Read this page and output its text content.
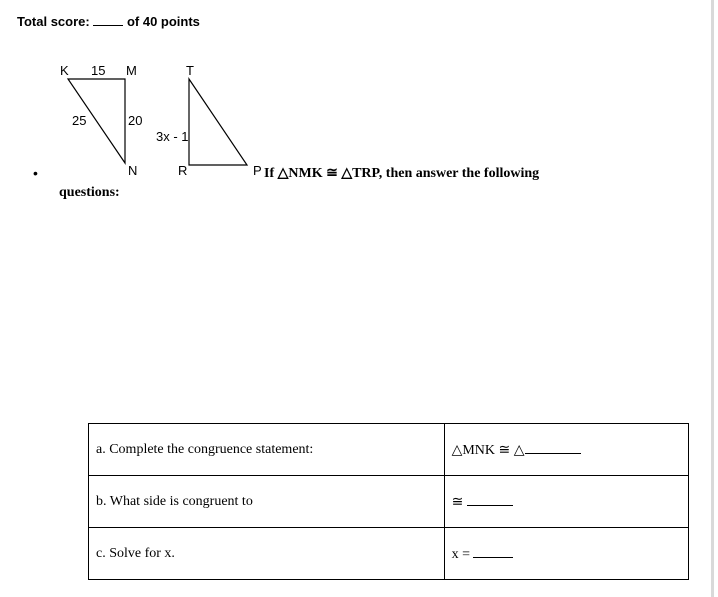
Total score:	of 40 points
K 15 M
25	20
N
T
3x - 1
R	P
•	If △NMK ≅ △TRP, then answer the following
questions:
a. Complete the congruence statement:	△MNK ≅ △
b. What side is congruent to	≅
c. Solve for x.	x =
